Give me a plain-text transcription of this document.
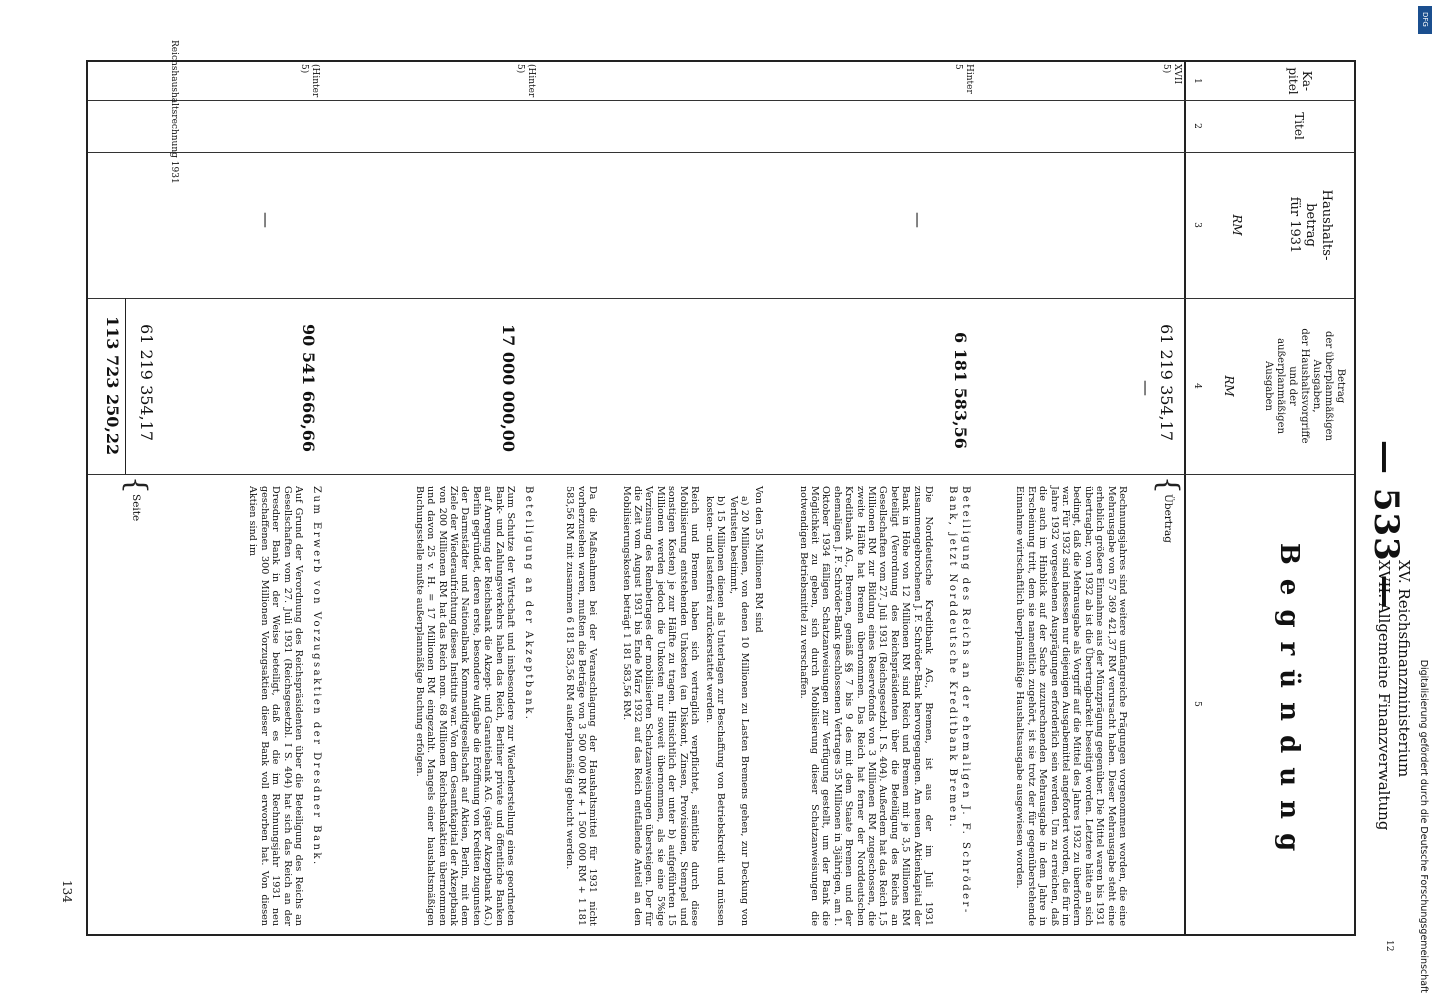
— 533 —
XV. Reichsfinanzministerium
XVII. Allgemeine Finanzverwaltung
12
Ka-
pitel
Titel
Haushalts-
betrag
für 1931
RM
Betrag
der überplanmäßigen
Ausgaben,
der Haushaltsvorgriffe
und der
außerplanmäßigen
Ausgaben
RM
Begründung
1
2
3
4
5
XVII
5)
61 219 354,17
—
{
Übertrag
Rechnungsjahres sind weitere umfangreiche Prägungen vorgenommen worden, die eine Mehrausgabe von 57 369 421,37 RM verursacht haben. Dieser Mehrausgabe steht eine erheblich größere Einnahme aus der Münzprägung gegenüber. Die Mittel waren bis 1931 übertragbar, von 1932 ab ist die Übertragbarkeit beseitigt worden. Letztere hätte an sich bedingt, daß die Mehrausgabe als Vorgriff auf die Mittel des Jahres 1932 zu überfordern war. Für 1932 sind indessen nur diejenigen Ausgabemittel angefordert worden, die für im Jahre 1932 vorgesehenen Ausprägungen erforderlich sein werden. Um zu erreichen, daß die auch im Hinblick auf der Sache zuzurechnenden Mehrausgabe in dem Jahre in Erscheinung tritt, dem sie namentlich zugehört, ist sie trotz der für gegenüberstehende Einnahme wirtschaftlich überplanmäßige Haushaltsausgabe ausgewiesen worden.
Hinter
5
—
6 181 583,56
Beteiligung des Reichs an der ehemaligen J. F. Schröder-Bank, jetzt Norddeutsche Kreditbank Bremen.
Die Norddeutsche Kreditbank AG., Bremen, ist aus der im Juli 1931 zusammengebrochenen J. F. Schröder-Bank hervorgegangen. Am neuen Aktienkapital der Bank in Höhe von 12 Millionen RM sind Reich und Bremen mit je 3,5 Millionen RM beteiligt (Verordnung des Reichspräsidenten über die Beteiligung des Reichs an Gesellschaften vom 27. Juli 1931 (Reichsgesetzbl. I S. 404). Außerdem hat das Reich 1,5 Millionen RM zur Bildung eines Reservefonds von 3 Millionen RM zugeschossen, die zweite Hälfte hat Bremen übernommen. Das Reich hat ferner der Norddeutschen Kreditbank AG., Bremen, gemäß §§ 7 bis 9 des mit dem Staate Bremen und der ehemaligen J. F. Schröder-Bank geschlossenen Vertrages 35 Millionen in 3jährigen, am 1. Oktober 1934 fälligen Schatzanweisungen zur Verfügung gestellt, um der Bank die Möglichkeit zu geben, sich durch Mobilisierung dieser Schatzanweisungen die notwendigen Betriebsmittel zu verschaffen.
Von den 35 Millionen RM sind
a) 20 Millionen, von denen 10 Millionen zu Lasten Bremens gehen, zur Deckung von Verlusten bestimmt,
b) 15 Millionen dienen als Unterlagen zur Beschaffung von Betriebskredit und müssen kosten- und lastenfrei zurückerstattet werden.
Reich und Bremen haben sich vertraglich verpflichtet, sämtliche durch diese Mobilisierung entstehenden Unkosten (an Diskont, Zinsen, Provisionen, Stempel und sonstigen Kosten) je zur Hälfte zu tragen. Hinsichtlich der unter b) aufgeführten 15 Millionen werden jedoch die Unkosten nur soweit übernommen, als sie eine 5%ige Verzinsung des Rembetrages der mobilisierten Schatzanweisungen übersteigen. Der für die Zeit vom August 1931 bis Ende März 1932 auf das Reich entfallende Anteil an den Mobilisierungskosten beträgt 1 181 583,56 RM.
Da die Maßnahmen bei der Veranschlagung der Haushaltsmittel für 1931 nicht vorherzusehen waren, mußten die Beträge von 3 500 000 RM + 1 500 000 RM + 1 181 583,56 RM mit zusammen 6 181 583,56 RM außerplanmäßig gebucht werden.
(Hinter
5)
17 000 000,00
Beteiligung an der Akzeptbank.
Zum Schutze der Wirtschaft und insbesondere zur Wiederherstellung eines geordneten Bank- und Zahlungsverkehrs haben das Reich, Berliner private und öffentliche Banken auf Anregung der Reichsbank die Akzept- und Garantiebank AG. (später Akzeptbank AG.) Berlin gegründet, deren erste, besondere Aufgabe die Eröffnung von Krediten zugunsten der Darmstädter und Nationalbank Kommanditgesellschaft auf Aktien, Berlin, mit dem Ziele der Wiederaufrichtung dieses Instituts war. Von dem Gesamtkapital der Akzeptbank von 200 Millionen RM hat das Reich nom. 68 Millionen Reichsbankaktien übernommen und davon 25 v. H. = 17 Millionen RM eingezahlt. Mangels einer haushaltsmäßigen Buchungsstelle mußte außerplanmäßige Buchung erfolgen.
(Hinter
5)
—
90 541 666,66
Zum Erwerb von Vorzugsaktien der Dresdner Bank.
Auf Grund der Verordnung des Reichspräsidenten über die Beteiligung des Reichs an Gesellschaften vom 27. Juli 1931 (Reichsgesetzbl. I S. 404) hat sich das Reich an der Dresdner Bank in der Weise beteiligt, daß es die im Rechnungsjahr 1931 neu geschaffenen 300 Millionen Vorzugsaktien dieser Bank voll erworben hat. Von diesen Aktien sind im
61 219 354,17
113 723 250,22
{
Seite
Reichshaushaltsrechnung 1931
134	Digitalisierung gefördert durch die Deutsche Forschungsgemeinschaft
DFG
